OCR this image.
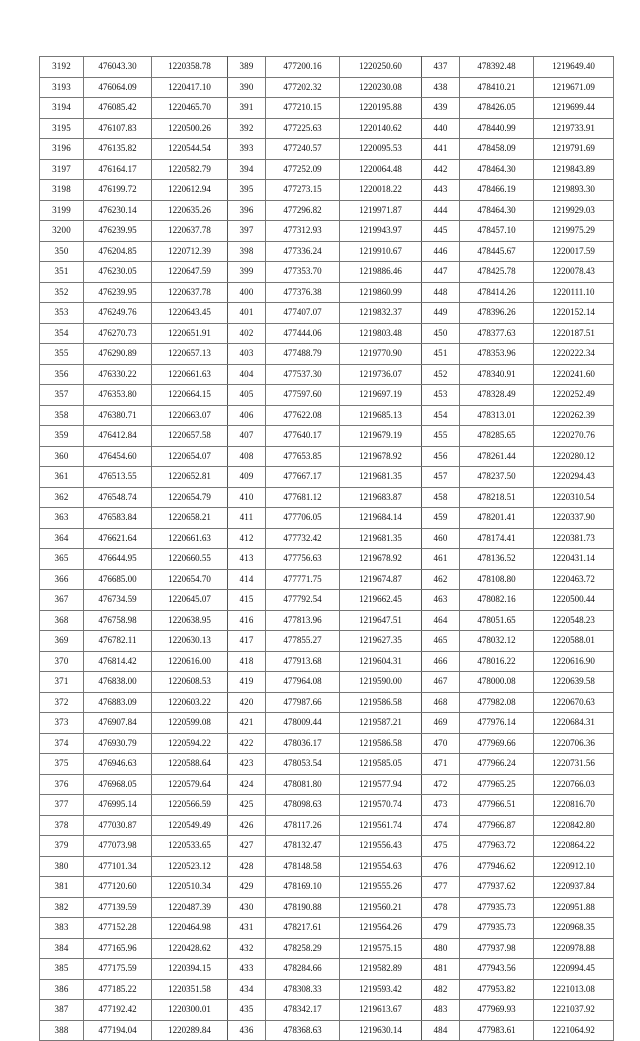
3192	476043.30	1220358.78	389	477200.16	1220250.60	437	478392.48	1219649.40
3193	476064.09	1220417.10	390	477202.32	1220230.08	438	478410.21	1219671.09
3194	476085.42	1220465.70	391	477210.15	1220195.88	439	478426.05	1219699.44
3195	476107.83	1220500.26	392	477225.63	1220140.62	440	478440.99	1219733.91
3196	476135.82	1220544.54	393	477240.57	1220095.53	441	478458.09	1219791.69
3197	476164.17	1220582.79	394	477252.09	1220064.48	442	478464.30	1219843.89
3198	476199.72	1220612.94	395	477273.15	1220018.22	443	478466.19	1219893.30
3199	476230.14	1220635.26	396	477296.82	1219971.87	444	478464.30	1219929.03
3200	476239.95	1220637.78	397	477312.93	1219943.97	445	478457.10	1219975.29
350	476204.85	1220712.39	398	477336.24	1219910.67	446	478445.67	1220017.59
351	476230.05	1220647.59	399	477353.70	1219886.46	447	478425.78	1220078.43
352	476239.95	1220637.78	400	477376.38	1219860.99	448	478414.26	1220111.10
353	476249.76	1220643.45	401	477407.07	1219832.37	449	478396.26	1220152.14
354	476270.73	1220651.91	402	477444.06	1219803.48	450	478377.63	1220187.51
355	476290.89	1220657.13	403	477488.79	1219770.90	451	478353.96	1220222.34
356	476330.22	1220661.63	404	477537.30	1219736.07	452	478340.91	1220241.60
357	476353.80	1220664.15	405	477597.60	1219697.19	453	478328.49	1220252.49
358	476380.71	1220663.07	406	477622.08	1219685.13	454	478313.01	1220262.39
359	476412.84	1220657.58	407	477640.17	1219679.19	455	478285.65	1220270.76
360	476454.60	1220654.07	408	477653.85	1219678.92	456	478261.44	1220280.12
361	476513.55	1220652.81	409	477667.17	1219681.35	457	478237.50	1220294.43
362	476548.74	1220654.79	410	477681.12	1219683.87	458	478218.51	1220310.54
363	476583.84	1220658.21	411	477706.05	1219684.14	459	478201.41	1220337.90
364	476621.64	1220661.63	412	477732.42	1219681.35	460	478174.41	1220381.73
365	476644.95	1220660.55	413	477756.63	1219678.92	461	478136.52	1220431.14
366	476685.00	1220654.70	414	477771.75	1219674.87	462	478108.80	1220463.72
367	476734.59	1220645.07	415	477792.54	1219662.45	463	478082.16	1220500.44
368	476758.98	1220638.95	416	477813.96	1219647.51	464	478051.65	1220548.23
369	476782.11	1220630.13	417	477855.27	1219627.35	465	478032.12	1220588.01
370	476814.42	1220616.00	418	477913.68	1219604.31	466	478016.22	1220616.90
371	476838.00	1220608.53	419	477964.08	1219590.00	467	478000.08	1220639.58
372	476883.09	1220603.22	420	477987.66	1219586.58	468	477982.08	1220670.63
373	476907.84	1220599.08	421	478009.44	1219587.21	469	477976.14	1220684.31
374	476930.79	1220594.22	422	478036.17	1219586.58	470	477969.66	1220706.36
375	476946.63	1220588.64	423	478053.54	1219585.05	471	477966.24	1220731.56
376	476968.05	1220579.64	424	478081.80	1219577.94	472	477965.25	1220766.03
377	476995.14	1220566.59	425	478098.63	1219570.74	473	477966.51	1220816.70
378	477030.87	1220549.49	426	478117.26	1219561.74	474	477966.87	1220842.80
379	477073.98	1220533.65	427	478132.47	1219556.43	475	477963.72	1220864.22
380	477101.34	1220523.12	428	478148.58	1219554.63	476	477946.62	1220912.10
381	477120.60	1220510.34	429	478169.10	1219555.26	477	477937.62	1220937.84
382	477139.59	1220487.39	430	478190.88	1219560.21	478	477935.73	1220951.88
383	477152.28	1220464.98	431	478217.61	1219564.26	479	477935.73	1220968.35
384	477165.96	1220428.62	432	478258.29	1219575.15	480	477937.98	1220978.88
385	477175.59	1220394.15	433	478284.66	1219582.89	481	477943.56	1220994.45
386	477185.22	1220351.58	434	478308.33	1219593.42	482	477953.82	1221013.08
387	477192.42	1220300.01	435	478342.17	1219613.67	483	477969.93	1221037.92
388	477194.04	1220289.84	436	478368.63	1219630.14	484	477983.61	1221064.92
